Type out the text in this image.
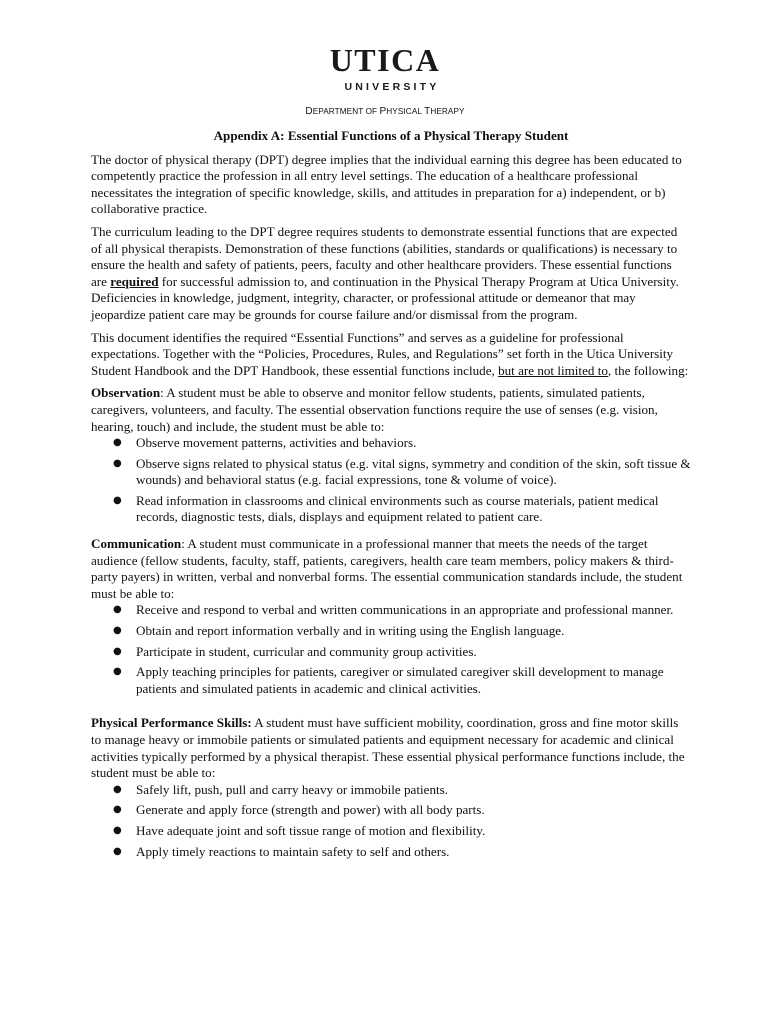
UTICA
UNIVERSITY
DEPARTMENT OF PHYSICAL THERAPY
Appendix A: Essential Functions of a Physical Therapy Student

The doctor of physical therapy (DPT) degree implies that the individual earning this degree has been educated to competently practice the profession in all entry level settings. The education of a healthcare professional necessitates the integration of specific knowledge, skills, and attitudes in preparation for a) independent, or b) collaborative practice.

The curriculum leading to the DPT degree requires students to demonstrate essential functions that are expected of all physical therapists. Demonstration of these functions (abilities, standards or qualifications) is necessary to ensure the health and safety of patients, peers, faculty and other healthcare providers. These essential functions are required for successful admission to, and continuation in the Physical Therapy Program at Utica University. Deficiencies in knowledge, judgment, integrity, character, or professional attitude or demeanor that may jeopardize patient care may be grounds for course failure and/or dismissal from the program.

This document identifies the required “Essential Functions” and serves as a guideline for professional expectations. Together with the “Policies, Procedures, Rules, and Regulations” set forth in the Utica University Student Handbook and the DPT Handbook, these essential functions include, but are not limited to, the following:

Observation: A student must be able to observe and monitor fellow students, patients, simulated patients, caregivers, volunteers, and faculty. The essential observation functions require the use of senses (e.g. vision, hearing, touch) and include, the student must be able to:
● Observe movement patterns, activities and behaviors.
● Observe signs related to physical status (e.g. vital signs, symmetry and condition of the skin, soft tissue & wounds) and behavioral status (e.g. facial expressions, tone & volume of voice).
● Read information in classrooms and clinical environments such as course materials, patient medical records, diagnostic tests, dials, displays and equipment related to patient care.
Communication: A student must communicate in a professional manner that meets the needs of the target audience (fellow students, faculty, staff, patients, caregivers, health care team members, policy makers & third-party payers) in written, verbal and nonverbal forms. The essential communication standards include, the student must be able to:
● Receive and respond to verbal and written communications in an appropriate and professional manner.
● Obtain and report information verbally and in writing using the English language.
● Participate in student, curricular and community group activities.
● Apply teaching principles for patients, caregiver or simulated caregiver skill development to manage patients and simulated patients in academic and clinical activities.
Physical Performance Skills: A student must have sufficient mobility, coordination, gross and fine motor skills to manage heavy or immobile patients or simulated patients and equipment necessary for academic and clinical activities typically performed by a physical therapist. These essential physical performance functions include, the student must be able to:
● Safely lift, push, pull and carry heavy or immobile patients.
● Generate and apply force (strength and power) with all body parts.
● Have adequate joint and soft tissue range of motion and flexibility.
● Apply timely reactions to maintain safety to self and others.
